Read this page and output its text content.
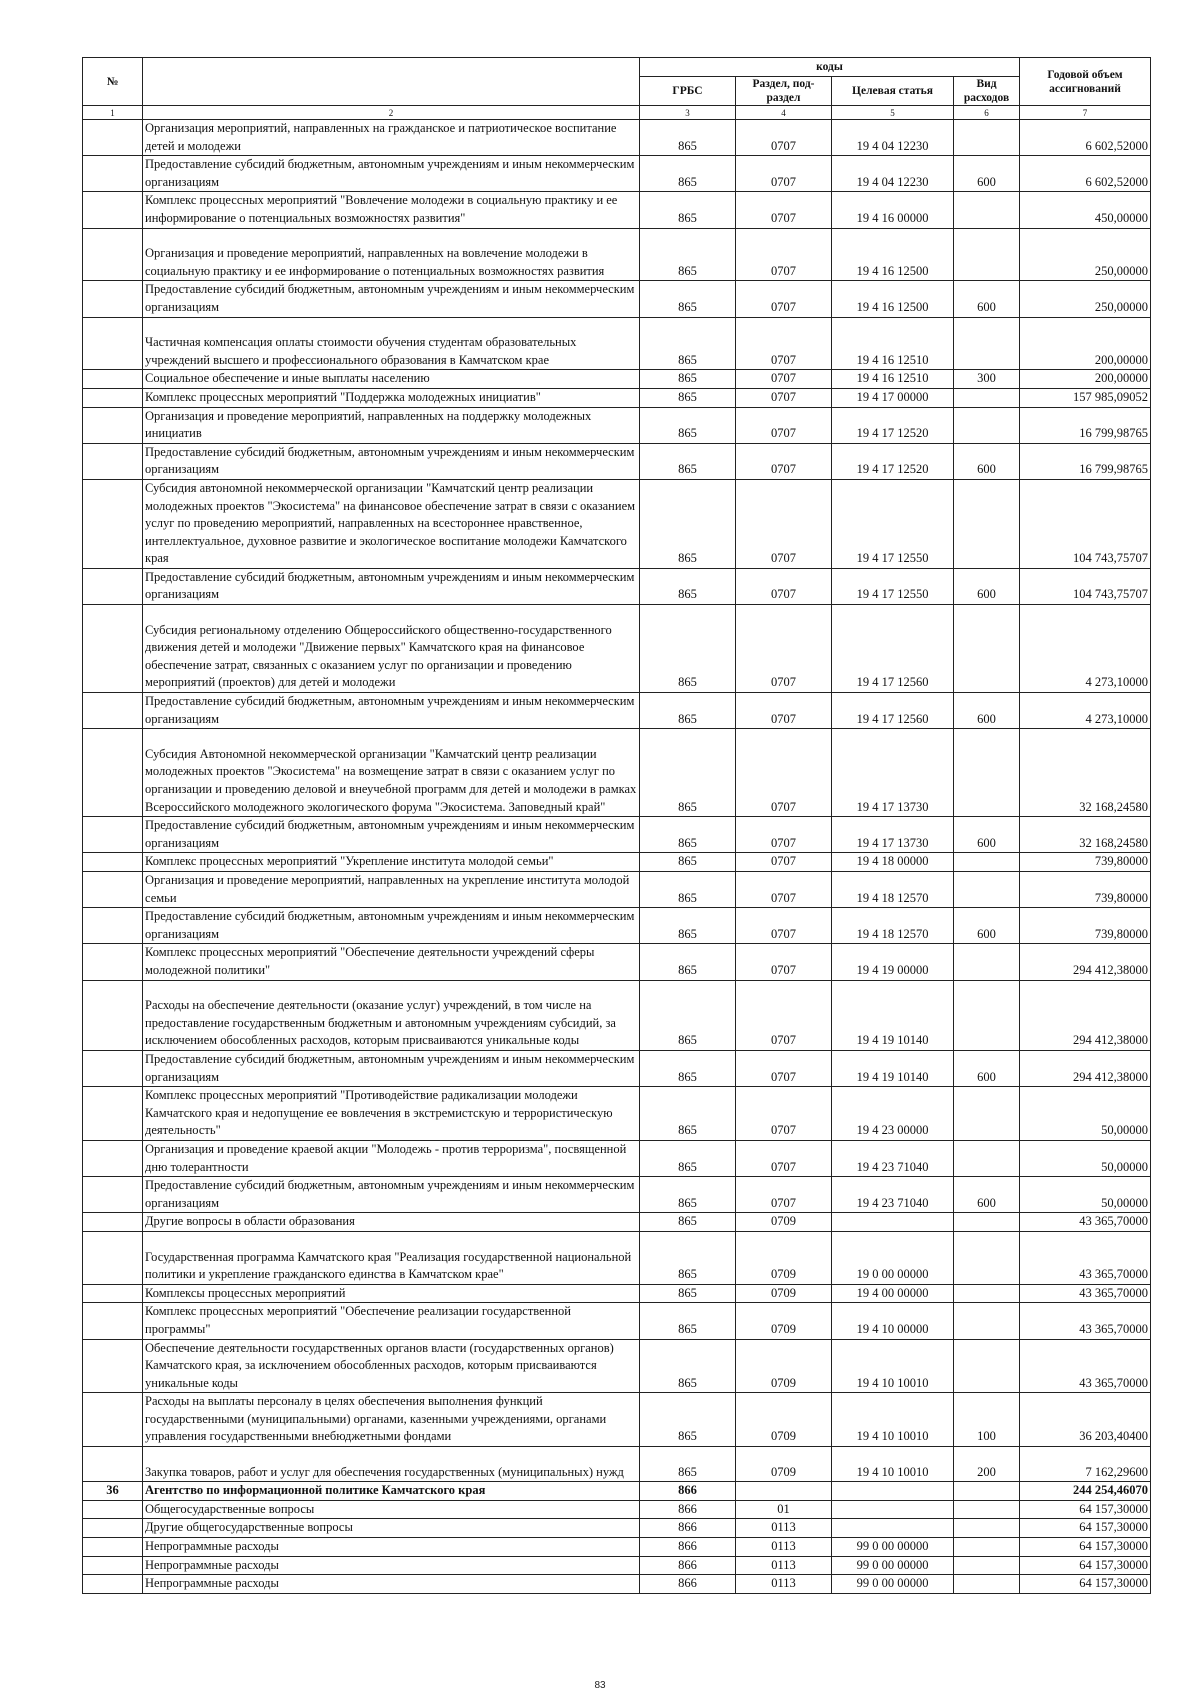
№		коды				Годовой объем ассигнований
		ГРБС	Раздел, под-раздел	Целевая статья	Вид расходов	
1	2	3	4	5	6	7
	Организация мероприятий, направленных на гражданское и патриотическое воспитание детей и молодежи	865	0707	19 4 04 12230		6 602,52000
	Предоставление субсидий бюджетным, автономным учреждениям и иным некоммерческим организациям	865	0707	19 4 04 12230	600	6 602,52000
	Комплекс процессных мероприятий "Вовлечение молодежи в социальную практику и ее информирование о потенциальных возможностях развития"	865	0707	19 4 16 00000		450,00000
	Организация и проведение мероприятий, направленных на вовлечение молодежи в социальную практику и ее информирование о потенциальных возможностях развития	865	0707	19 4 16 12500		250,00000
	Предоставление субсидий бюджетным, автономным учреждениям и иным некоммерческим организациям	865	0707	19 4 16 12500	600	250,00000
	Частичная компенсация оплаты стоимости обучения студентам образовательных учреждений высшего и профессионального образования в Камчатском крае	865	0707	19 4 16 12510		200,00000
	Социальное обеспечение и иные выплаты населению	865	0707	19 4 16 12510	300	200,00000
	Комплекс процессных мероприятий "Поддержка молодежных инициатив"	865	0707	19 4 17 00000		157 985,09052
	Организация и проведение мероприятий, направленных на поддержку молодежных инициатив	865	0707	19 4 17 12520		16 799,98765
	Предоставление субсидий бюджетным, автономным учреждениям и иным некоммерческим организациям	865	0707	19 4 17 12520	600	16 799,98765
	Субсидия автономной некоммерческой организации "Камчатский центр реализации молодежных проектов "Экосистема" на финансовое обеспечение затрат в связи с оказанием услуг по проведению мероприятий, направленных на всестороннее нравственное, интеллектуальное, духовное развитие и экологическое воспитание молодежи Камчатского края	865	0707	19 4 17 12550		104 743,75707
	Предоставление субсидий бюджетным, автономным учреждениям и иным некоммерческим организациям	865	0707	19 4 17 12550	600	104 743,75707
	Субсидия региональному отделению Общероссийского общественно-государственного движения детей и молодежи "Движение первых" Камчатского края на финансовое обеспечение затрат, связанных с оказанием услуг по организации и проведению мероприятий (проектов) для детей и молодежи	865	0707	19 4 17 12560		4 273,10000
	Предоставление субсидий бюджетным, автономным учреждениям и иным некоммерческим организациям	865	0707	19 4 17 12560	600	4 273,10000
	Субсидия Автономной некоммерческой организации "Камчатский центр реализации молодежных проектов "Экосистема" на возмещение затрат в связи с оказанием услуг по организации и проведению деловой и внеучебной программ для детей и молодежи в рамках Всероссийского молодежного экологического форума "Экосистема. Заповедный край"	865	0707	19 4 17 13730		32 168,24580
	Предоставление субсидий бюджетным, автономным учреждениям и иным некоммерческим организациям	865	0707	19 4 17 13730	600	32 168,24580
	Комплекс процессных мероприятий "Укрепление института молодой семьи"	865	0707	19 4 18 00000		739,80000
	Организация и проведение мероприятий, направленных на укрепление института молодой семьи	865	0707	19 4 18 12570		739,80000
	Предоставление субсидий бюджетным, автономным учреждениям и иным некоммерческим организациям	865	0707	19 4 18 12570	600	739,80000
	Комплекс процессных мероприятий "Обеспечение деятельности учреждений сферы молодежной политики"	865	0707	19 4 19 00000		294 412,38000
	Расходы на обеспечение деятельности (оказание услуг) учреждений, в том числе на предоставление государственным бюджетным и автономным учреждениям субсидий, за исключением обособленных расходов, которым присваиваются уникальные коды	865	0707	19 4 19 10140		294 412,38000
	Предоставление субсидий бюджетным, автономным учреждениям и иным некоммерческим организациям	865	0707	19 4 19 10140	600	294 412,38000
	Комплекс процессных мероприятий "Противодействие радикализации молодежи Камчатского края и недопущение ее вовлечения в экстремистскую и террористическую деятельность"	865	0707	19 4 23 00000		50,00000
	Организация и проведение краевой акции "Молодежь - против терроризма", посвященной дню толерантности	865	0707	19 4 23 71040		50,00000
	Предоставление субсидий бюджетным, автономным учреждениям и иным некоммерческим организациям	865	0707	19 4 23 71040	600	50,00000
	Другие вопросы в области образования	865	0709			43 365,70000
	Государственная программа Камчатского края "Реализация государственной национальной политики и укрепление гражданского единства в Камчатском крае"	865	0709	19 0 00 00000		43 365,70000
	Комплексы процессных мероприятий	865	0709	19 4 00 00000		43 365,70000
	Комплекс процессных мероприятий "Обеспечение реализации государственной программы"	865	0709	19 4 10 00000		43 365,70000
	Обеспечение деятельности государственных органов власти (государственных органов) Камчатского края, за исключением обособленных расходов, которым присваиваются уникальные коды	865	0709	19 4 10 10010		43 365,70000
	Расходы на выплаты персоналу в целях обеспечения выполнения функций государственными (муниципальными) органами, казенными учреждениями, органами управления государственными внебюджетными фондами	865	0709	19 4 10 10010	100	36 203,40400
	Закупка товаров, работ и услуг для обеспечения государственных (муниципальных) нужд	865	0709	19 4 10 10010	200	7 162,29600
36	Агентство по информационной политике Камчатского края	866				244 254,46070
	Общегосударственные вопросы	866	01			64 157,30000
	Другие общегосударственные вопросы	866	0113			64 157,30000
	Непрограммные расходы	866	0113	99 0 00 00000		64 157,30000
	Непрограммные расходы	866	0113	99 0 00 00000		64 157,30000
	Непрограммные расходы	866	0113	99 0 00 00000		64 157,30000
83
